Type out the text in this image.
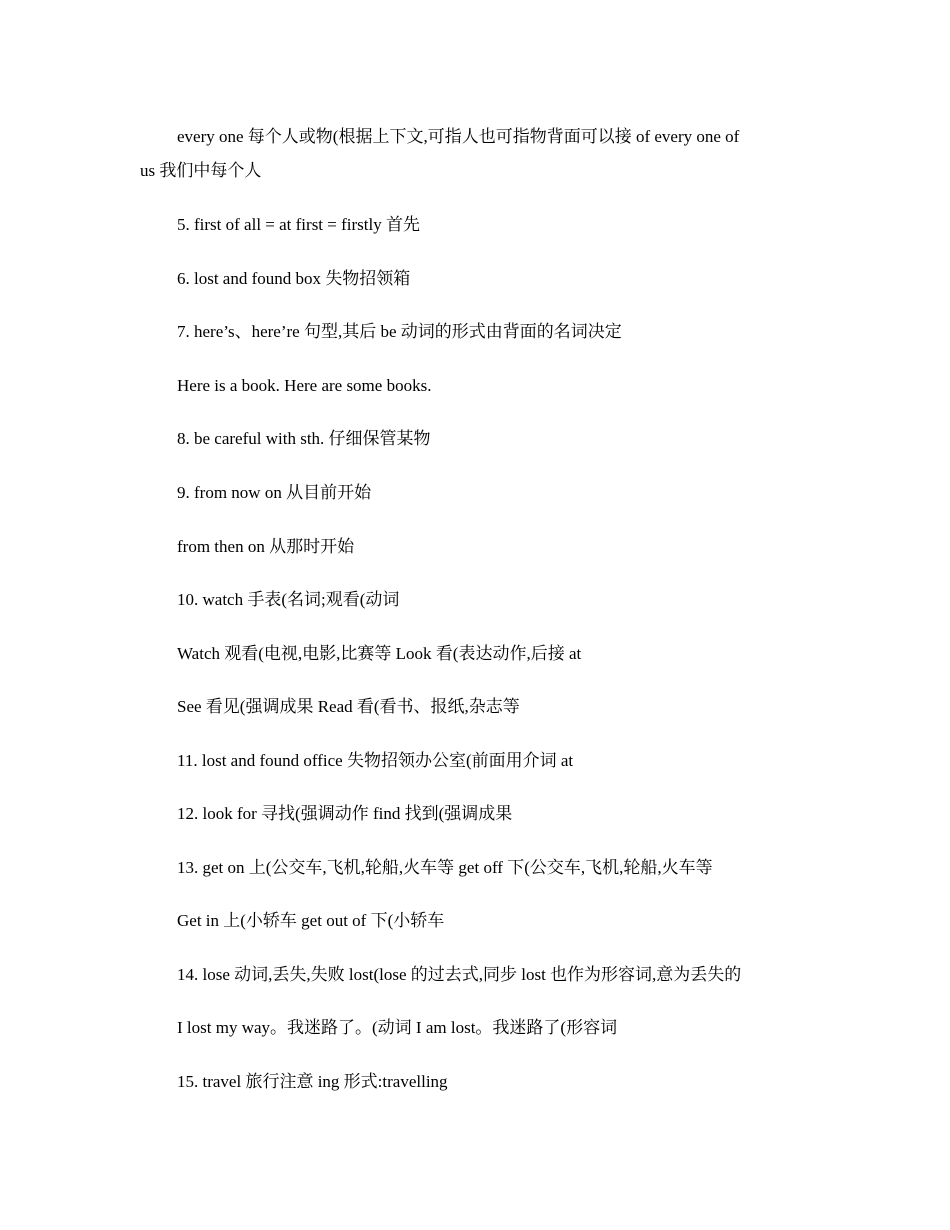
every one 每个人或物(根据上下文,可指人也可指物背面可以接 of every one of
us 我们中每个人
5. first of all = at first = firstly 首先
6. lost and found box 失物招领箱
7. here’s、here’re 句型,其后 be 动词的形式由背面的名词决定
Here is a book. Here are some books.
8. be careful with sth. 仔细保管某物
9. from now on 从目前开始
from then on 从那时开始
10. watch 手表(名词;观看(动词
Watch 观看(电视,电影,比赛等 Look 看(表达动作,后接 at
See 看见(强调成果 Read 看(看书、报纸,杂志等
11. lost and found office 失物招领办公室(前面用介词 at
12. look for 寻找(强调动作 find 找到(强调成果
13. get on 上(公交车,飞机,轮船,火车等 get off 下(公交车,飞机,轮船,火车等
Get in 上(小轿车 get out of 下(小轿车
14. lose 动词,丢失,失败 lost(lose 的过去式,同步 lost 也作为形容词,意为丢失的
I lost my way。我迷路了。(动词 I am lost。我迷路了(形容词
15. travel 旅行注意 ing 形式:travelling
